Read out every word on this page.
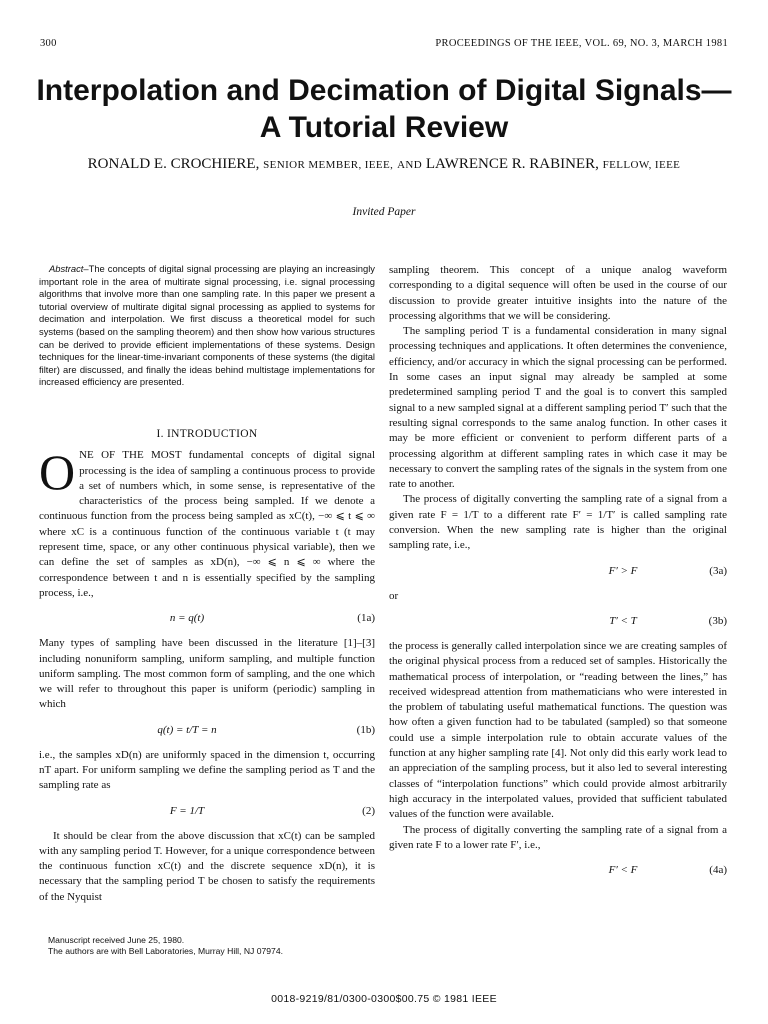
300	PROCEEDINGS OF THE IEEE, VOL. 69, NO. 3, MARCH 1981
Interpolation and Decimation of Digital Signals—
A Tutorial Review
RONALD E. CROCHIERE, SENIOR MEMBER, IEEE, AND LAWRENCE R. RABINER, FELLOW, IEEE
Invited Paper

Abstract–The concepts of digital signal processing are playing an increasingly important role in the area of multirate signal processing, i.e. signal processing algorithms that involve more than one sampling rate. In this paper we present a tutorial overview of multirate digital signal processing as applied to systems for decimation and interpolation. We first discuss a theoretical model for such systems (based on the sampling theorem) and then show how various structures can be derived to provide efficient implementations of these systems. Design techniques for the linear-time-invariant components of these systems (the digital filter) are discussed, and finally the ideas behind multistage implementations for increased efficiency are presented.

I. INTRODUCTION

ONE OF THE MOST fundamental concepts of digital signal processing is the idea of sampling a continuous process to provide a set of numbers which, in some sense, is representative of the characteristics of the process being sampled. If we denote a continuous function from the process being sampled as xC(t), −∞ ⩽ t ⩽ ∞ where xC is a continuous function of the continuous variable t (t may represent time, space, or any other continuous physical variable), then we can define the set of samples as xD(n), −∞ ⩽ n ⩽ ∞ where the correspondence between t and n is essentially specified by the sampling process, i.e.,

n = q(t)	(1a)

Many types of sampling have been discussed in the literature [1]–[3] including nonuniform sampling, uniform sampling, and multiple function uniform sampling. The most common form of sampling, and the one which we will refer to throughout this paper is uniform (periodic) sampling in which

q(t) = t/T = n	(1b)

i.e., the samples xD(n) are uniformly spaced in the dimension t, occurring nT apart. For uniform sampling we define the sampling period as T and the sampling rate as

F = 1/T	(2)

It should be clear from the above discussion that xC(t) can be sampled with any sampling period T. However, for a unique correspondence between the continuous function xC(t) and the discrete sequence xD(n), it is necessary that the sampling period T be chosen to satisfy the requirements of the Nyquist

sampling theorem. This concept of a unique analog waveform corresponding to a digital sequence will often be used in the course of our discussion to provide greater intuitive insights into the nature of the processing algorithms that we will be considering.

The sampling period T is a fundamental consideration in many signal processing techniques and applications. It often determines the convenience, efficiency, and/or accuracy in which the signal processing can be performed. In some cases an input signal may already be sampled at some predetermined sampling period T and the goal is to convert this sampled signal to a new sampled signal at a different sampling period T′ such that the resulting signal corresponds to the same analog function. In other cases it may be more efficient or convenient to perform different parts of a processing algorithm at different sampling rates in which case it may be necessary to convert the sampling rates of the signals in the system from one rate to another.

The process of digitally converting the sampling rate of a signal from a given rate F = 1/T to a different rate F′ = 1/T′ is called sampling rate conversion. When the new sampling rate is higher than the original sampling rate, i.e.,

F′ > F	(3a)
or
T′ < T	(3b)

the process is generally called interpolation since we are creating samples of the original physical process from a reduced set of samples. Historically the mathematical process of interpolation, or “reading between the lines,” has received widespread attention from mathematicians who were interested in the problem of tabulating useful mathematical functions. The question was how often a given function had to be tabulated (sampled) so that someone could use a simple interpolation rule to obtain accurate values of the function at any higher sampling rate [4]. Not only did this early work lead to an appreciation of the sampling process, but it also led to several interesting classes of “interpolation functions” which could provide almost arbitrarily high accuracy in the interpolated values, provided that sufficient tabulated values of the function were available.

The process of digitally converting the sampling rate of a signal from a given rate F to a lower rate F′, i.e.,

F′ < F	(4a)
Manuscript received June 25, 1980.
The authors are with Bell Laboratories, Murray Hill, NJ 07974.
0018-9219/81/0300-0300$00.75 © 1981 IEEE
